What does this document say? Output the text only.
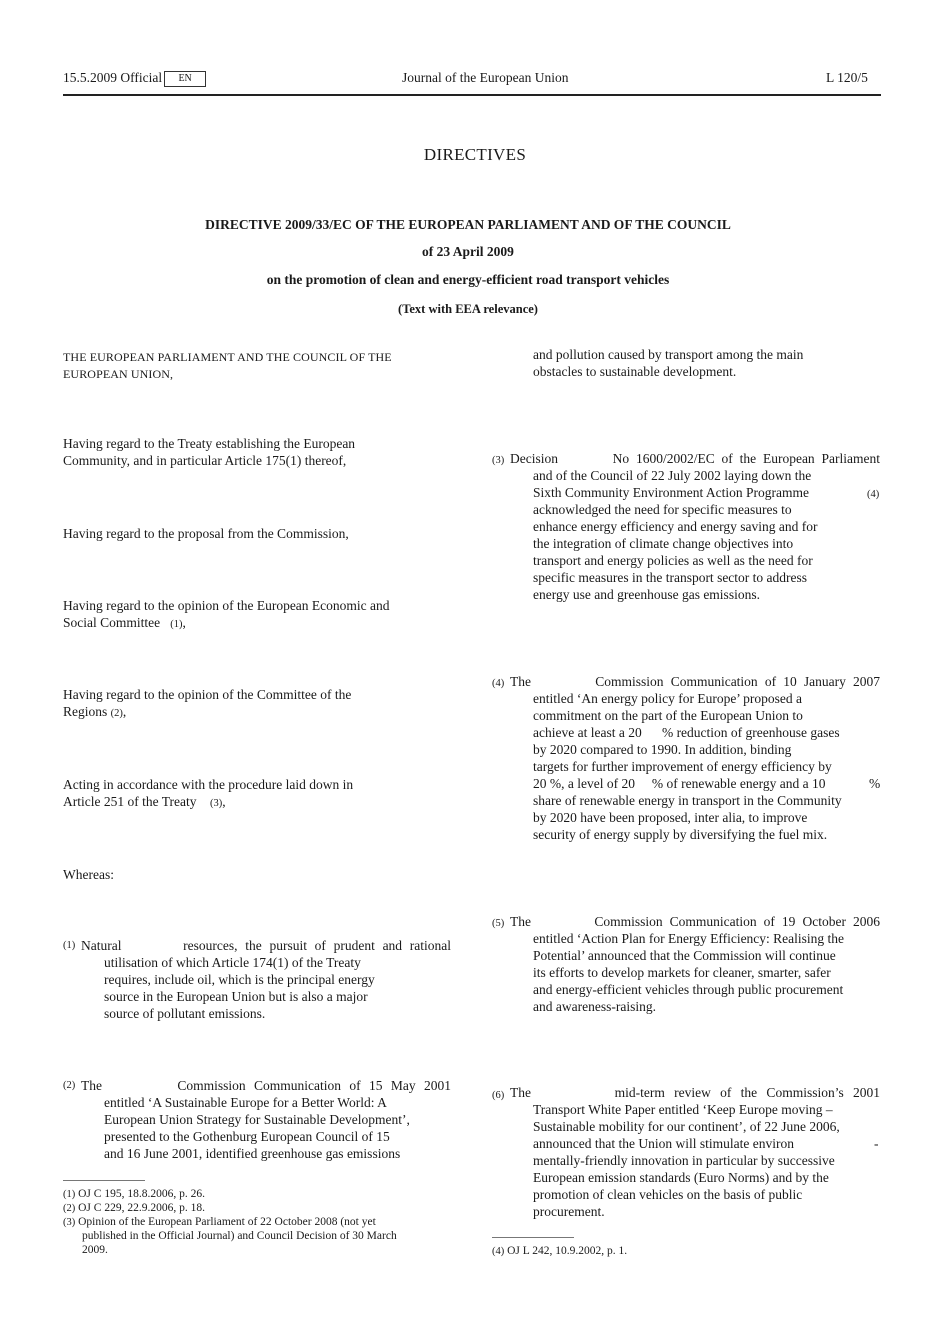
15.5.2009 Official EN	Journal of the European Union	L 120/5
DIRECTIVES
DIRECTIVE 2009/33/EC OF THE EUROPEAN PARLIAMENT AND OF THE COUNCIL
of 23 April 2009
on the promotion of clean and energy-efficient road transport vehicles
(Text with EEA relevance)
THE EUROPEAN PARLIAMENT AND THE COUNCIL OF THE
EUROPEAN UNION,
Having regard to the Treaty establishing the European
Community, and in particular Article 175(1) thereof,
Having regard to the proposal from the Commission,
Having regard to the opinion of the European Economic and
Social Committee (1),
Having regard to the opinion of the Committee of the
Regions (2),
Acting in accordance with the procedure laid down in
Article 251 of the Treaty (3),
Whereas:
(1) Natural        resources, the pursuit of prudent and rational
utilisation of which Article 174(1) of the Treaty
requires, include oil, which is the principal energy
source in the European Union but is also a major
source of pollutant emissions.
(2) The         Commission Communication of 15 May 2001
entitled ‘A Sustainable Europe for a Better World: A
European Union Strategy for Sustainable Development’,
presented to the Gothenburg European Council of 15
and 16 June 2001, identified greenhouse gas emissions
(1) OJ C 195, 18.8.2006, p. 26.
(2) OJ C 229, 22.9.2006, p. 18.
(3) Opinion of the European Parliament of 22 October 2008 (not yet
published in the Official Journal) and Council Decision of 30 March
2009.
and pollution caused by transport among the main
obstacles to sustainable development.
(3) Decision        No 1600/2002/EC of the European Parliament
and of the Council of 22 July 2002 laying down the
Sixth Community Environment Action Programme	(4)
acknowledged the need for specific measures to
enhance energy efficiency and energy saving and for
the integration of climate change objectives into
transport and energy policies as well as the need for
specific measures in the transport sector to address
energy use and greenhouse gas emissions.
(4) The         Commission Communication of 10 January 2007
entitled ‘An energy policy for Europe’ proposed a
commitment on the part of the European Union to
achieve at least a 20      % reduction of greenhouse gases
by 2020 compared to 1990. In addition, binding
targets for further improvement of energy efficiency by
20 %, a level of 20     % of renewable energy and a 10	%
share of renewable energy in transport in the Community
by 2020 have been proposed, inter alia, to improve
security of energy supply by diversifying the fuel mix.
(5) The         Commission Communication of 19 October 2006
entitled ‘Action Plan for Energy Efficiency: Realising the
Potential’ announced that the Commission will continue
its efforts to develop markets for cleaner, smarter, safer
and energy-efficient vehicles through public procurement
and awareness-raising.
(6) The         mid-term review of the Commission’s 2001
Transport White Paper entitled ‘Keep Europe moving –
Sustainable mobility for our continent’, of 22 June 2006,
announced that the Union will stimulate environ	-
mentally-friendly innovation in particular by successive
European emission standards (Euro Norms) and by the
promotion of clean vehicles on the basis of public
procurement.
(4) OJ L 242, 10.9.2002, p. 1.
